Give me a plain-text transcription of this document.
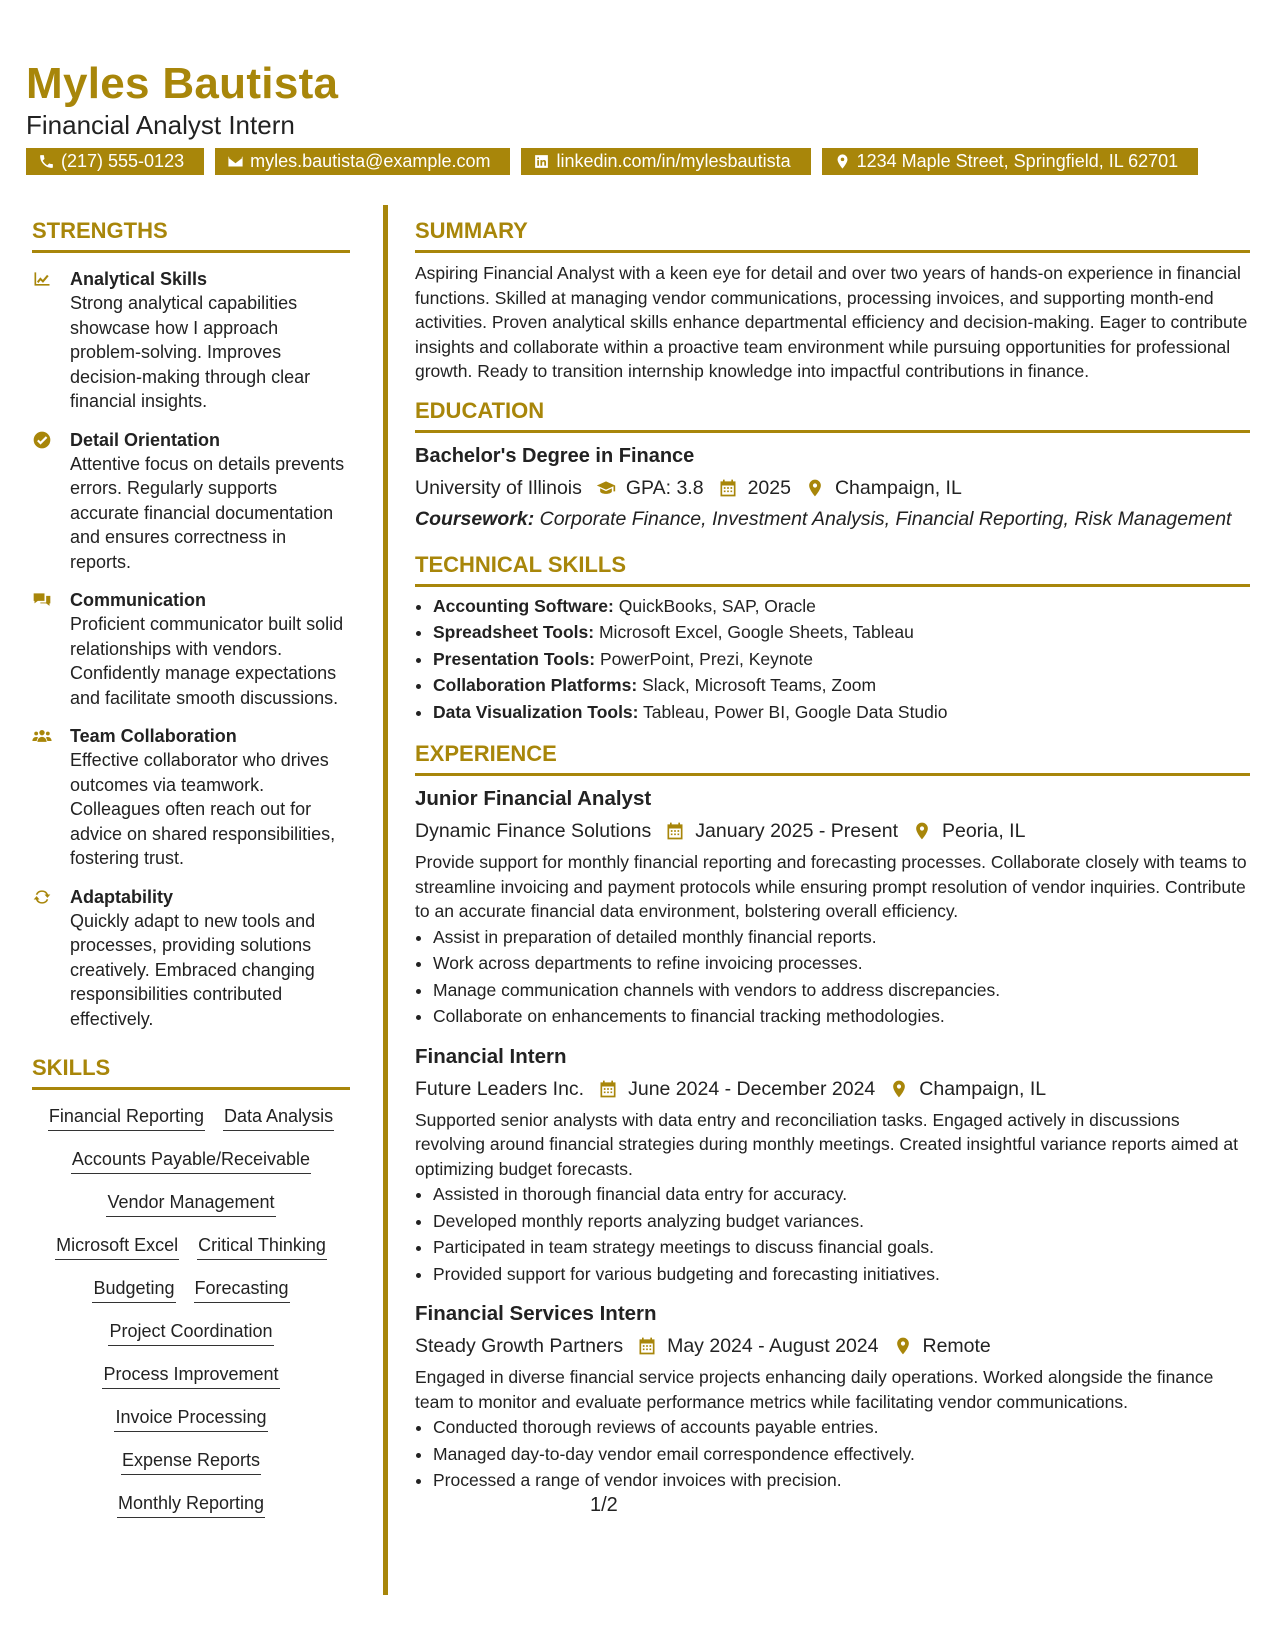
Myles Bautista
Financial Analyst Intern
(217) 555-0123	myles.bautista@example.com	linkedin.com/in/mylesbautista	1234 Maple Street, Springfield, IL 62701
STRENGTHS
Analytical Skills
Strong analytical capabilities showcase how I approach problem-solving. Improves decision-making through clear financial insights.
Detail Orientation
Attentive focus on details prevents errors. Regularly supports accurate financial documentation and ensures correctness in reports.
Communication
Proficient communicator built solid relationships with vendors. Confidently manage expectations and facilitate smooth discussions.
Team Collaboration
Effective collaborator who drives outcomes via teamwork. Colleagues often reach out for advice on shared responsibilities, fostering trust.
Adaptability
Quickly adapt to new tools and processes, providing solutions creatively. Embraced changing responsibilities contributed effectively.
SKILLS
Financial Reporting Data Analysis
Accounts Payable/Receivable
Vendor Management
Microsoft Excel Critical Thinking
Budgeting Forecasting
Project Coordination
Process Improvement
Invoice Processing
Expense Reports
Monthly Reporting
SUMMARY
Aspiring Financial Analyst with a keen eye for detail and over two years of hands-on experience in financial functions. Skilled at managing vendor communications, processing invoices, and supporting month-end activities. Proven analytical skills enhance departmental efficiency and decision-making. Eager to contribute insights and collaborate within a proactive team environment while pursuing opportunities for professional growth. Ready to transition internship knowledge into impactful contributions in finance.
EDUCATION
Bachelor's Degree in Finance
University of Illinois GPA: 3.8 2025 Champaign, IL
Coursework: Corporate Finance, Investment Analysis, Financial Reporting, Risk Management
TECHNICAL SKILLS
• Accounting Software: QuickBooks, SAP, Oracle
• Spreadsheet Tools: Microsoft Excel, Google Sheets, Tableau
• Presentation Tools: PowerPoint, Prezi, Keynote
• Collaboration Platforms: Slack, Microsoft Teams, Zoom
• Data Visualization Tools: Tableau, Power BI, Google Data Studio
EXPERIENCE
Junior Financial Analyst
Dynamic Finance Solutions January 2025 - Present Peoria, IL
Provide support for monthly financial reporting and forecasting processes. Collaborate closely with teams to streamline invoicing and payment protocols while ensuring prompt resolution of vendor inquiries. Contribute to an accurate financial data environment, bolstering overall efficiency.
• Assist in preparation of detailed monthly financial reports.
• Work across departments to refine invoicing processes.
• Manage communication channels with vendors to address discrepancies.
• Collaborate on enhancements to financial tracking methodologies.
Financial Intern
Future Leaders Inc. June 2024 - December 2024 Champaign, IL
Supported senior analysts with data entry and reconciliation tasks. Engaged actively in discussions revolving around financial strategies during monthly meetings. Created insightful variance reports aimed at optimizing budget forecasts.
• Assisted in thorough financial data entry for accuracy.
• Developed monthly reports analyzing budget variances.
• Participated in team strategy meetings to discuss financial goals.
• Provided support for various budgeting and forecasting initiatives.
Financial Services Intern
Steady Growth Partners May 2024 - August 2024 Remote
Engaged in diverse financial service projects enhancing daily operations. Worked alongside the finance team to monitor and evaluate performance metrics while facilitating vendor communications.
• Conducted thorough reviews of accounts payable entries.
• Managed day-to-day vendor email correspondence effectively.
• Processed a range of vendor invoices with precision.
1/2
